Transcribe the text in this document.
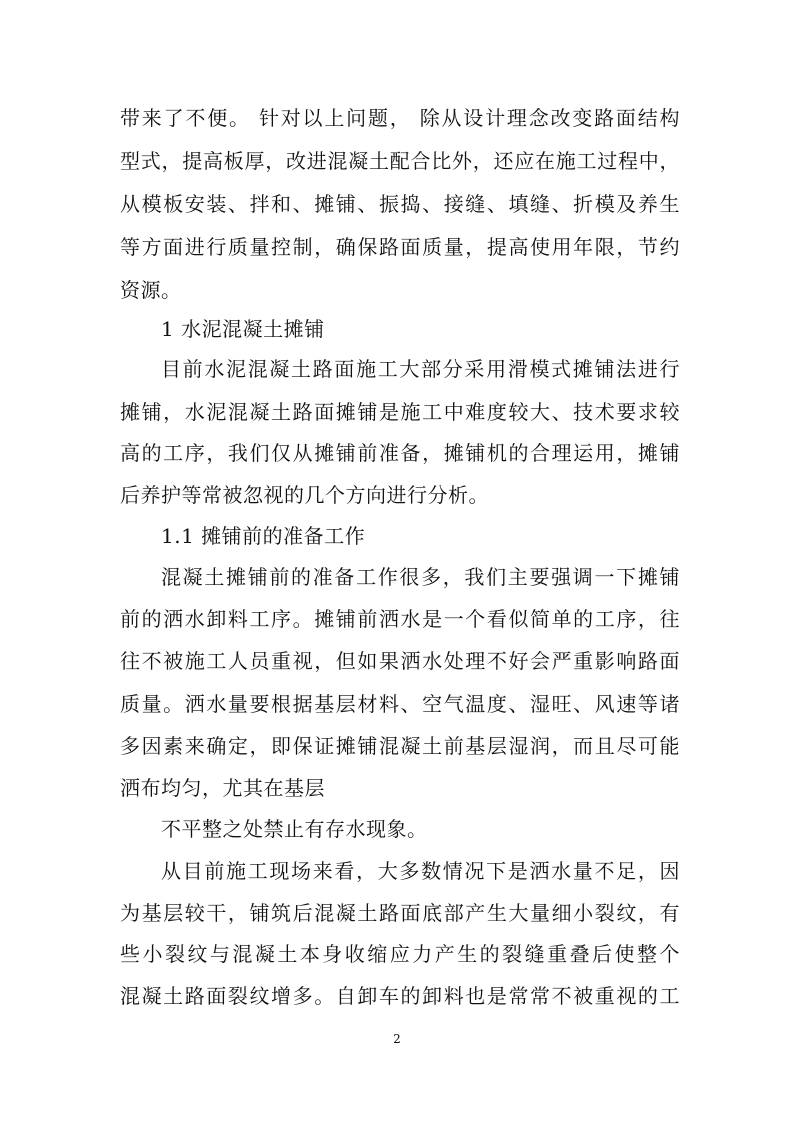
带来了不便。 针对以上问题， 除从设计理念改变路面结构
型式，提高板厚，改进混凝土配合比外，还应在施工过程中，
从模板安装、拌和、摊铺、振捣、接缝、填缝、折模及养生
等方面进行质量控制，确保路面质量，提高使用年限，节约
资源。
1 水泥混凝土摊铺
目前水泥混凝土路面施工大部分采用滑模式摊铺法进行
摊铺，水泥混凝土路面摊铺是施工中难度较大、技术要求较
高的工序，我们仅从摊铺前准备，摊铺机的合理运用，摊铺
后养护等常被忽视的几个方向进行分析。
1.1 摊铺前的准备工作
混凝土摊铺前的准备工作很多，我们主要强调一下摊铺
前的洒水卸料工序。摊铺前洒水是一个看似简单的工序，往
往不被施工人员重视，但如果洒水处理不好会严重影响路面
质量。洒水量要根据基层材料、空气温度、湿旺、风速等诸
多因素来确定，即保证摊铺混凝土前基层湿润，而且尽可能
洒布均匀，尤其在基层
不平整之处禁止有存水现象。
从目前施工现场来看，大多数情况下是洒水量不足，因
为基层较干，铺筑后混凝土路面底部产生大量细小裂纹，有
些小裂纹与混凝土本身收缩应力产生的裂缝重叠后使整个
混凝土路面裂纹增多。自卸车的卸料也是常常不被重视的工
2
